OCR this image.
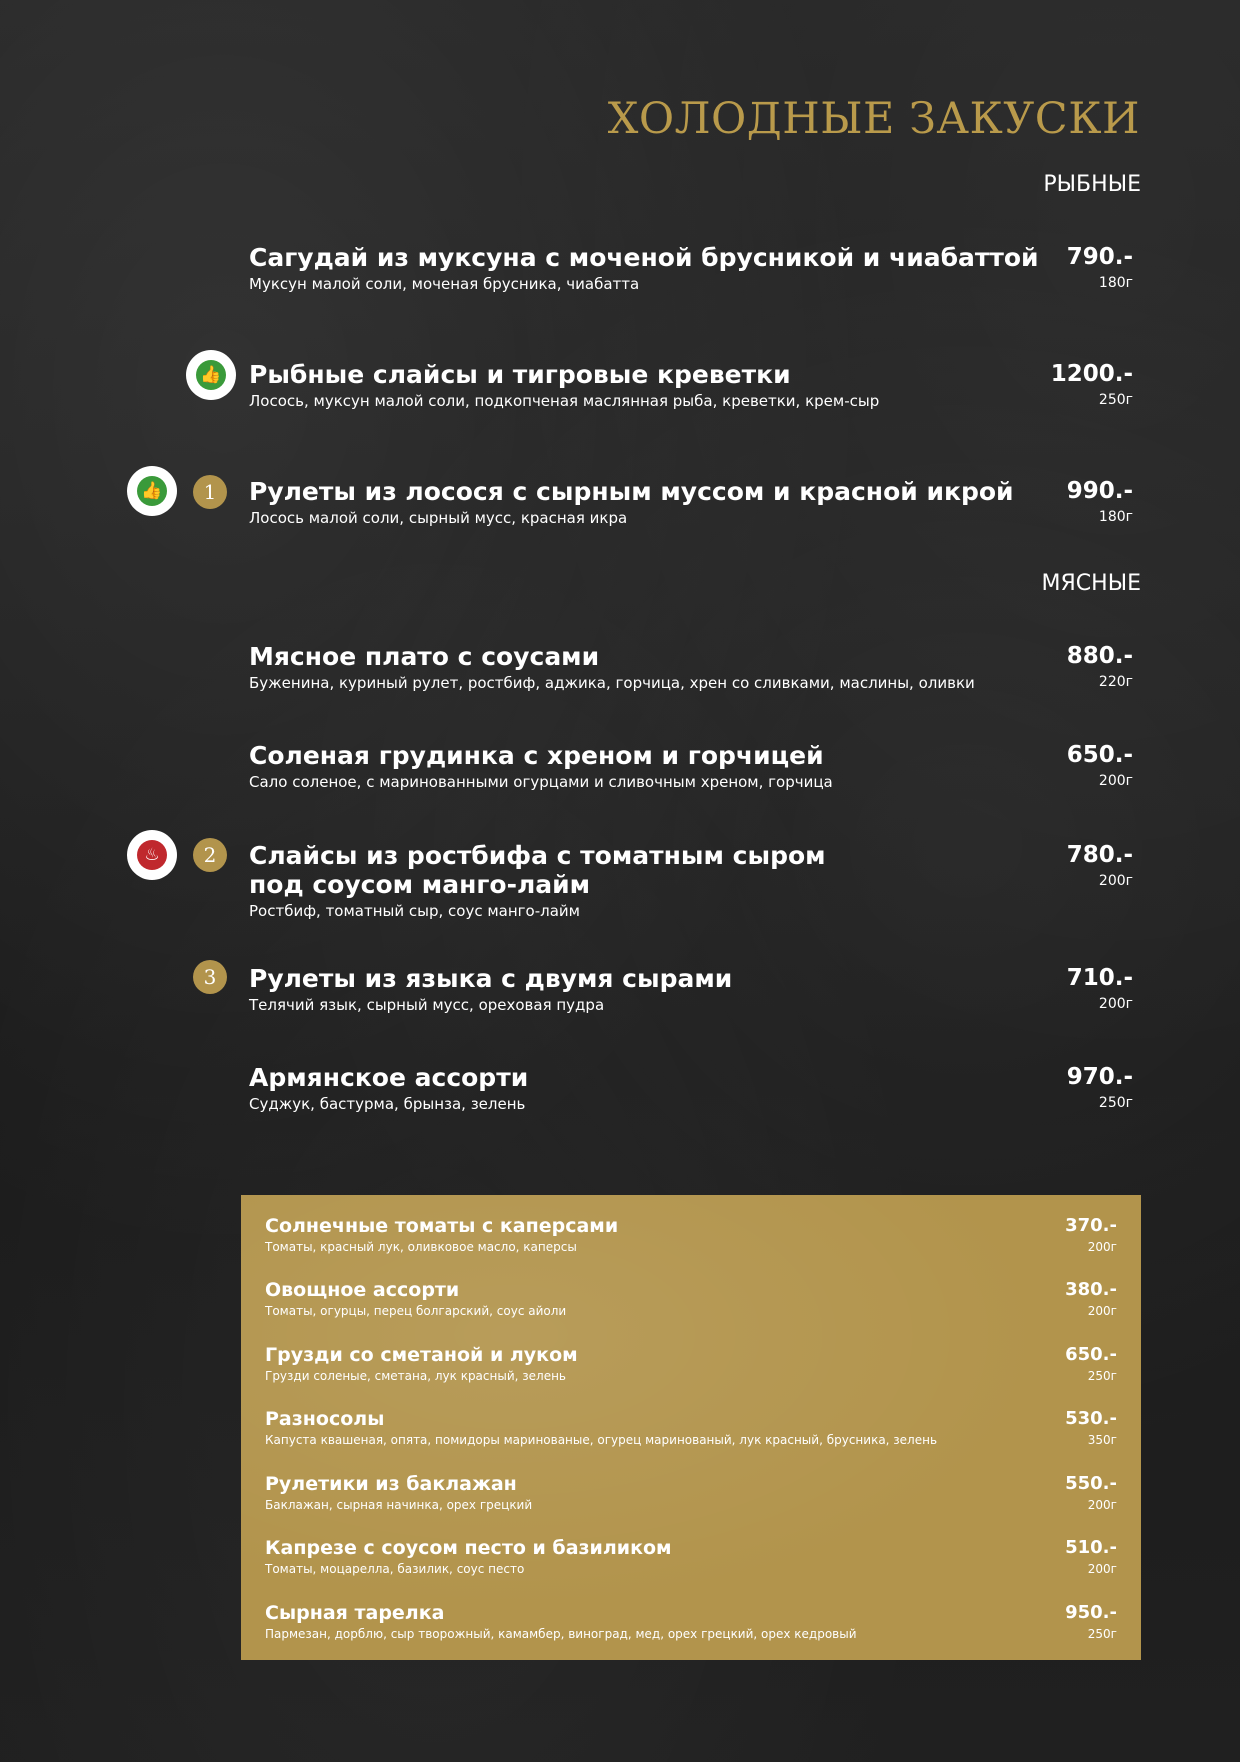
ХОЛОДНЫЕ ЗАКУСКИ
РЫБНЫЕ
Сагудай из муксуна с моченой брусникой и чиабаттой
Муксун малой соли, моченая брусника, чиабатта
790.-
180г
👍 Рыбные слайсы и тигровые креветки
Лосось, муксун малой соли, подкопченая маслянная рыба, креветки, крем-сыр
1200.-
250г
👍	1	Рулеты из лосося с сырным муссом и красной икрой
Лосось малой соли, сырный мусс, красная икра
990.-
180г
МЯСНЫЕ
Мясное плато с соусами
Буженина, куриный рулет, ростбиф, аджика, горчица, хрен со сливками, маслины, оливки
880.-
220г
Соленая грудинка с хреном и горчицей
Сало соленое, с маринованными огурцами и сливочным хреном, горчица
650.-
200г
♨	2	Слайсы из ростбифа с томатным сыром
под соусом манго-лайм
Ростбиф, томатный сыр, соус манго-лайм
780.-
200г
3	Рулеты из языка с двумя сырами
Телячий язык, сырный мусс, ореховая пудра
710.-
200г
Армянское ассорти
Суджук, бастурма, брынза, зелень
970.-
250г
Солнечные томаты с каперсами
Томаты, красный лук, оливковое масло, каперсы
370.-
200г
Овощное ассорти
Томаты, огурцы, перец болгарский, соус айоли
380.-
200г
Грузди со сметаной и луком
Грузди соленые, сметана, лук красный, зелень
650.-
250г
Разносолы
Капуста квашеная, опята, помидоры маринованые, огурец маринованый, лук красный, брусника, зелень
530.-
350г
Рулетики из баклажан
Баклажан, сырная начинка, орех грецкий
550.-
200г
Капрезе с соусом песто и базиликом
Томаты, моцарелла, базилик, соус песто
510.-
200г
Сырная тарелка
Пармезан, дорблю, сыр творожный, камамбер, виноград, мед, орех грецкий, орех кедровый
950.-
250г
